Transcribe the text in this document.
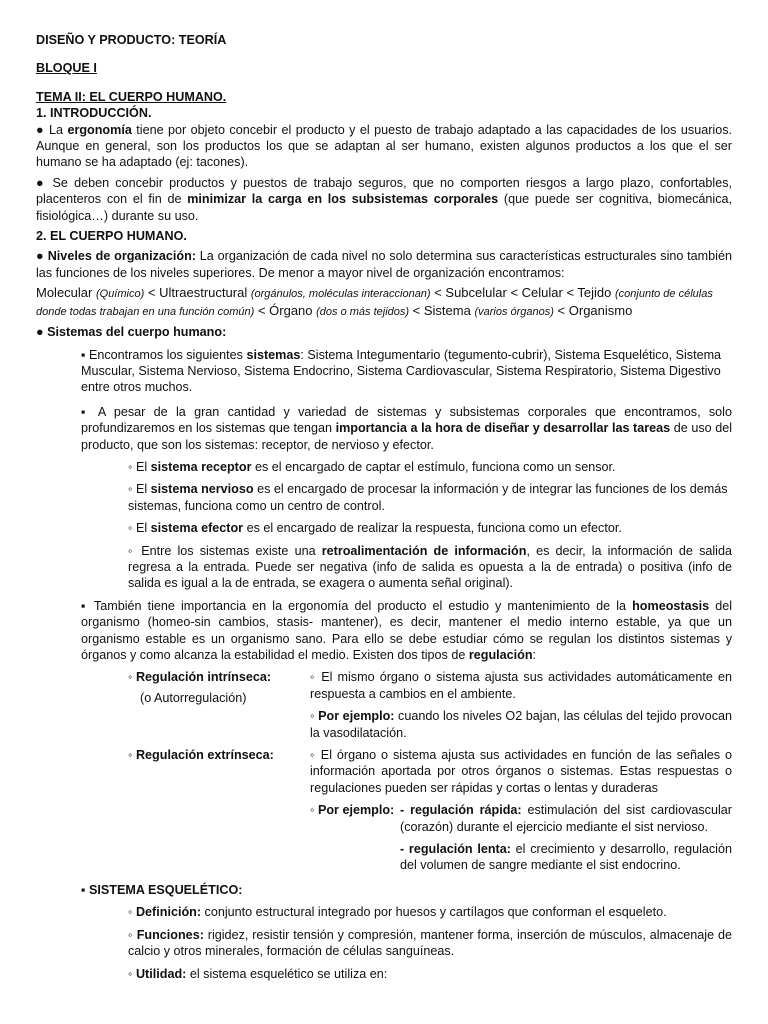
DISEÑO Y PRODUCTO: TEORÍA

BLOQUE I

TEMA II: EL CUERPO HUMANO.

1. INTRODUCCIÓN.

● La ergonomía tiene por objeto concebir el producto y el puesto de trabajo adaptado a las capacidades de los usuarios. Aunque en general, son los productos los que se adaptan al ser humano, existen algunos productos a los que el ser humano se ha adaptado (ej: tacones).

● Se deben concebir productos y puestos de trabajo seguros, que no comporten riesgos a largo plazo, confortables, placenteros con el fin de minimizar la carga en los subsistemas corporales (que puede ser cognitiva, biomecánica, fisiológica…) durante su uso.

2. EL CUERPO HUMANO.

● Niveles de organización: La organización de cada nivel no solo determina sus características estructurales sino también las funciones de los niveles superiores. De menor a mayor nivel de organización encontramos:

Molecular (Químico) < Ultraestructural (orgánulos, moléculas interaccionan) < Subcelular < Celular < Tejido (conjunto de células donde todas trabajan en una función común) < Órgano (dos o más tejidos) < Sistema (varios órganos) < Organismo

● Sistemas del cuerpo humano:

▪ Encontramos los siguientes sistemas: Sistema Integumentario (tegumento-cubrir), Sistema Esquelético, Sistema Muscular, Sistema Nervioso, Sistema Endocrino, Sistema Cardiovascular, Sistema Respiratorio, Sistema Digestivo entre otros muchos.

▪ A pesar de la gran cantidad y variedad de sistemas y subsistemas corporales que encontramos, solo profundizaremos en los sistemas que tengan importancia a la hora de diseñar y desarrollar las tareas de uso del producto, que son los sistemas: receptor, de nervioso y efector.

◦ El sistema receptor es el encargado de captar el estímulo, funciona como un sensor.

◦ El sistema nervioso es el encargado de procesar la información y de integrar las funciones de los demás sistemas, funciona como un centro de control.

◦ El sistema efector es el encargado de realizar la respuesta, funciona como un efector.

◦ Entre los sistemas existe una retroalimentación de información, es decir, la información de salida regresa a la entrada. Puede ser negativa (info de salida es opuesta a la de entrada) o positiva (info de salida es igual a la de entrada, se exagera o aumenta señal original).

▪ También tiene importancia en la ergonomía del producto el estudio y mantenimiento de la homeostasis del organismo (homeo-sin cambios, stasis- mantener), es decir, mantener el medio interno estable, ya que un organismo estable es un organismo sano. Para ello se debe estudiar cómo se regulan los distintos sistemas y órganos y como alcanza la estabilidad el medio. Existen dos tipos de regulación:

◦ Regulación intrínseca:
(o Autorregulación)

◦ El mismo órgano o sistema ajusta sus actividades automáticamente en respuesta a cambios en el ambiente.

◦ Por ejemplo: cuando los niveles O2 bajan, las células del tejido provocan la vasodilatación.

◦ Regulación extrínseca:	◦ El órgano o sistema ajusta sus actividades en función de las señales o información aportada por otros órganos o sistemas. Estas respuestas o regulaciones pueden ser rápidas y cortas o lentas y duraderas

◦ Por ejemplo: - regulación rápida: estimulación del sist cardiovascular (corazón) durante el ejercicio mediante el sist nervioso.

- regulación lenta: el crecimiento y desarrollo, regulación del volumen de sangre mediante el sist endocrino.

▪ SISTEMA ESQUELÉTICO:

◦ Definición: conjunto estructural integrado por huesos y cartílagos que conforman el esqueleto.

◦ Funciones: rigidez, resistir tensión y compresión, mantener forma, inserción de músculos, almacenaje de calcio y otros minerales, formación de células sanguíneas.

◦ Utilidad: el sistema esquelético se utiliza en:
